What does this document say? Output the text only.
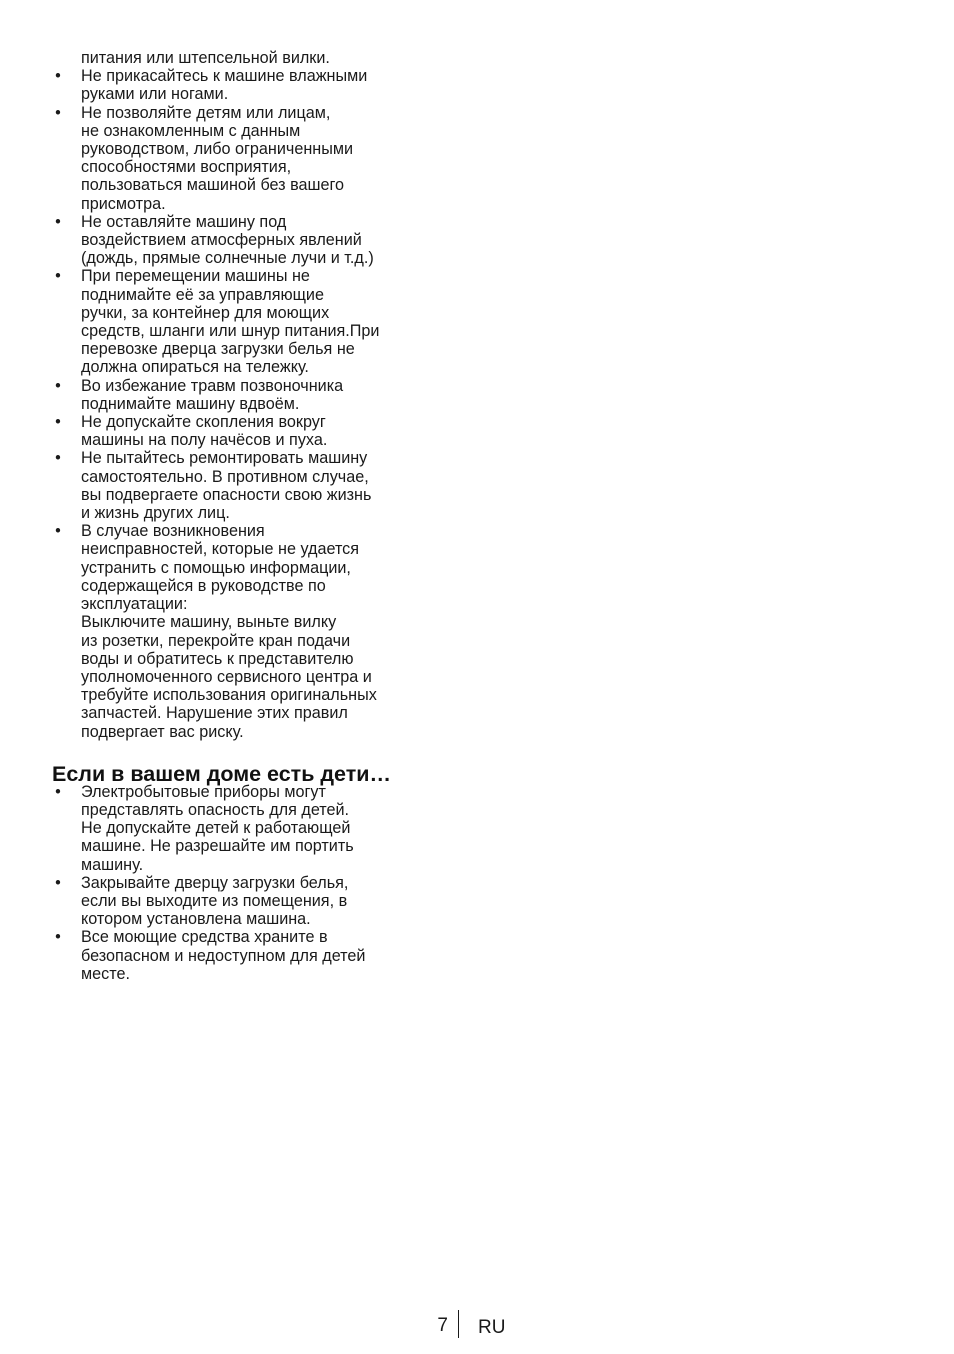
питания или штепсельной вилки.
• Не прикасайтесь к машине влажными
руками или ногами.
• Не позволяйте детям или лицам,
не ознакомленным с данным
руководством, либо ограниченными
способностями восприятия,
пользоваться машиной без вашего
присмотра.
• Не оставляйте машину под
воздействием атмосферных явлений
(дождь, прямые солнечные лучи и т.д.)
• При перемещении машины не
поднимайте её за управляющие
ручки, за контейнер для моющих
средств, шланги или шнур питания.При
перевозке дверца загрузки белья не
должна опираться на тележку.
• Во избежание травм позвоночника
поднимайте машину вдвоём.
• Не допускайте скопления вокруг
машины на полу начёсов и пуха.
• Не пытайтесь ремонтировать машину
самостоятельно. В противном случае,
вы подвергаете опасности свою жизнь
и жизнь других лиц.
• В случае возникновения
неисправностей, которые не удается
устранить с помощью информации,
содержащейся в руководстве по
эксплуатации:
Выключите машину, выньте вилку
из розетки, перекройте кран подачи
воды и обратитесь к представителю
уполномоченного сервисного центра и
требуйте использования оригинальных
запчастей. Нарушение этих правил
подвергает вас риску.
Если в вашем доме есть дети…
• Электробытовые приборы могут
представлять опасность для детей.
Не допускайте детей к работающей
машине. Не разрешайте им портить
машину.
• Закрывайте дверцу загрузки белья,
если вы выходите из помещения, в
котором установлена машина.
• Все моющие средства храните в
безопасном и недоступном для детей
месте.
7 RU
